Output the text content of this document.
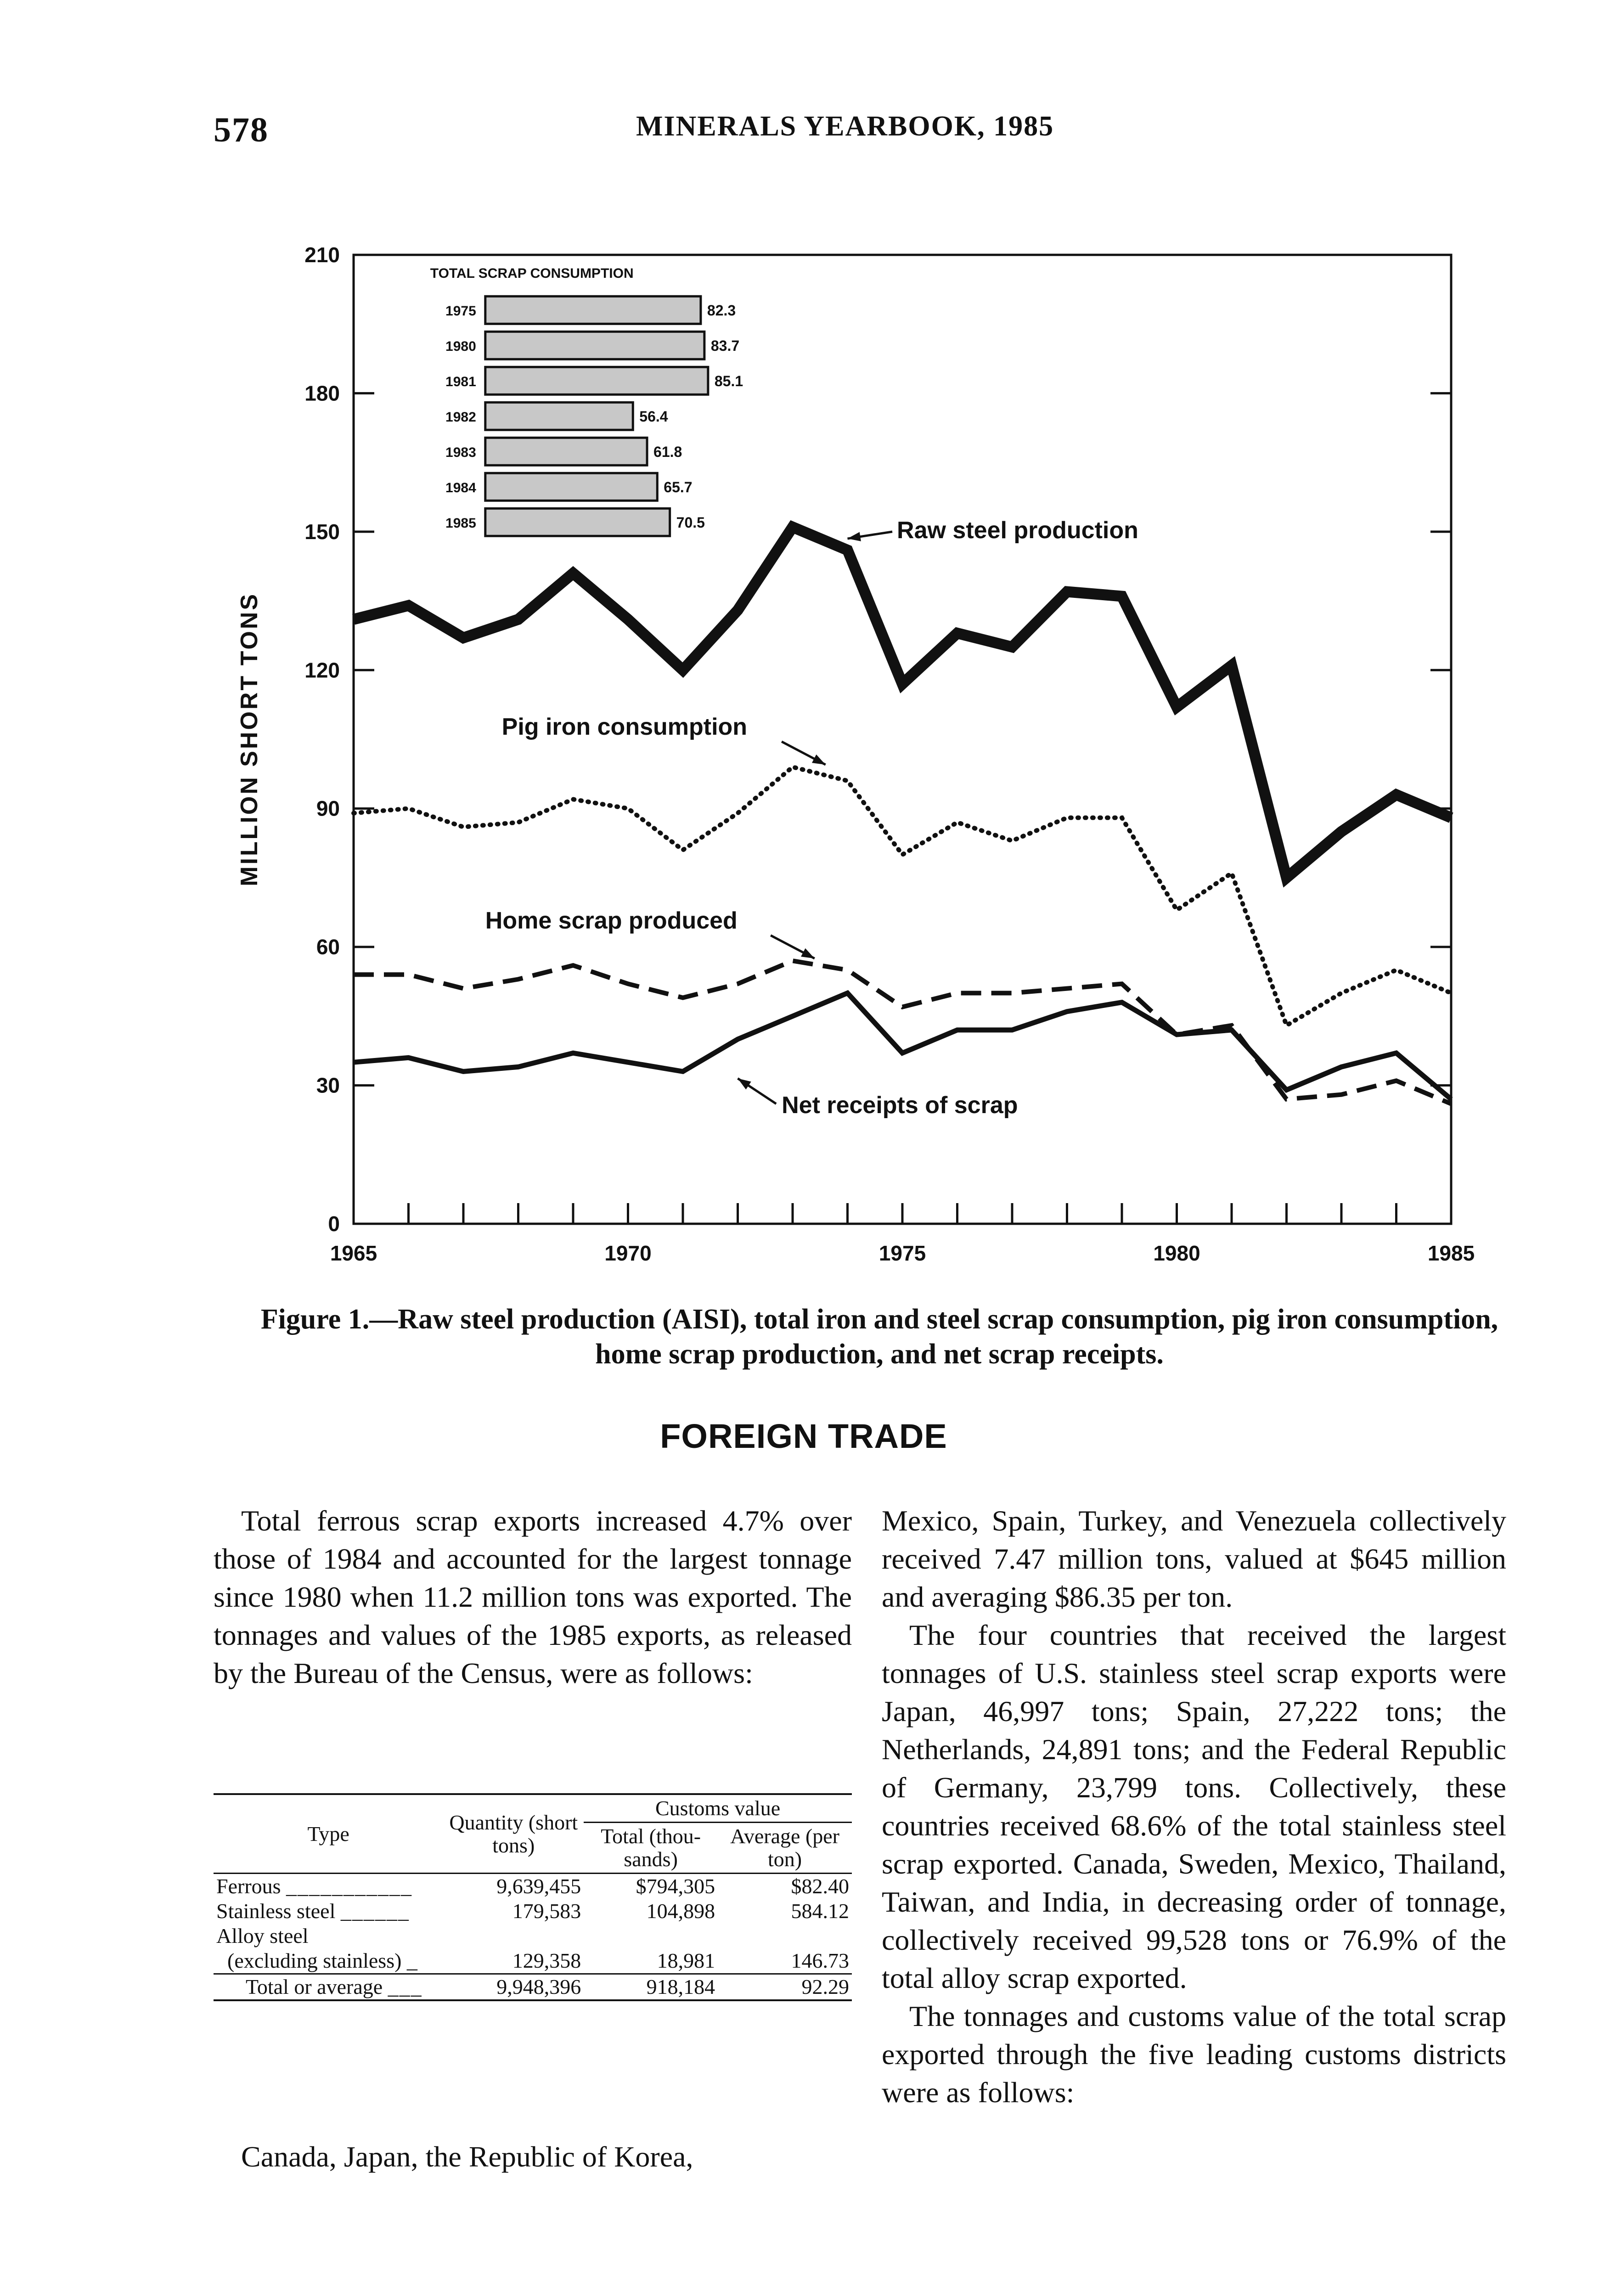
578	MINERALS YEARBOOK, 1985
0
30
60
90
120
150
180
210
1965	1970	1975	1980	1985
MILLION SHORT TONS
Raw steel production
Pig iron consumption
Home scrap produced
Net receipts of scrap
TOTAL SCRAP CONSUMPTION
1975	82.3
1980	83.7
1981	85.1
1982	56.4
1983	61.8
1984	65.7
1985	70.5
Figure 1.—Raw steel production (AISI), total iron and steel scrap consumption, pig iron consumption, home scrap production, and net scrap receipts.
FOREIGN TRADE

Total ferrous scrap exports increased 4.7% over those of 1984 and accounted for the largest tonnage since 1980 when 11.2 million tons was exported. The tonnages and values of the 1985 exports, as released by the Bureau of the Census, were as follows:

Type	Quantity (short tons)	Customs value	
		Total (thou- sands)	Average (per ton)
Ferrous ___________	9,639,455	$794,305	$82.40
Stainless steel ______	179,583	104,898	584.12
Alloy steel			
(excluding stainless) _	129,358	18,981	146.73
Total or average ___	9,948,396	918,184	92.29

Canada, Japan, the Republic of Korea,

Mexico, Spain, Turkey, and Venezuela collectively received 7.47 million tons, valued at $645 million and averaging $86.35 per ton.

The four countries that received the largest tonnages of U.S. stainless steel scrap exports were Japan, 46,997 tons; Spain, 27,222 tons; the Netherlands, 24,891 tons; and the Federal Republic of Germany, 23,799 tons. Collectively, these countries received 68.6% of the total stainless steel scrap exported. Canada, Sweden, Mexico, Thailand, Taiwan, and India, in decreasing order of tonnage, collectively received 99,528 tons or 76.9% of the total alloy scrap exported.

The tonnages and customs value of the total scrap exported through the five leading customs districts were as follows:
